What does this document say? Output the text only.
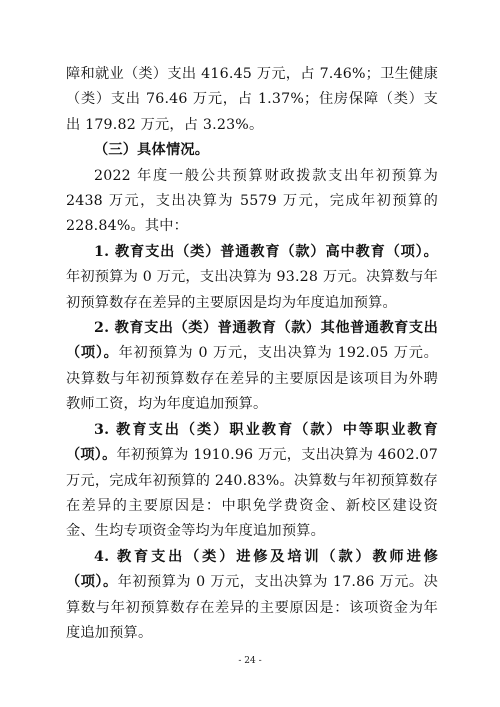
障和就业（类）支出 416.45 万元，占 7.46%；卫生健康（类）支出 76.46 万元，占 1.37%；住房保障（类）支出 179.82 万元，占 3.23%。

（三）具体情况。

2022 年度一般公共预算财政拨款支出年初预算为 2438 万元，支出决算为 5579 万元，完成年初预算的 228.84%。其中：

1. 教育支出（类）普通教育（款）高中教育（项）。年初预算为 0 万元，支出决算为 93.28 万元。决算数与年初预算数存在差异的主要原因是均为年度追加预算。

2. 教育支出（类）普通教育（款）其他普通教育支出（项）。年初预算为 0 万元，支出决算为 192.05 万元。决算数与年初预算数存在差异的主要原因是该项目为外聘教师工资，均为年度追加预算。

3. 教育支出（类）职业教育（款）中等职业教育（项）。年初预算为 1910.96 万元，支出决算为 4602.07 万元，完成年初预算的 240.83%。决算数与年初预算数存在差异的主要原因是：中职免学费资金、新校区建设资金、生均专项资金等均为年度追加预算。

4. 教育支出（类）进修及培训（款）教师进修（项）。年初预算为 0 万元，支出决算为 17.86 万元。决算数与年初预算数存在差异的主要原因是：该项资金为年度追加预算。

- 24 -
